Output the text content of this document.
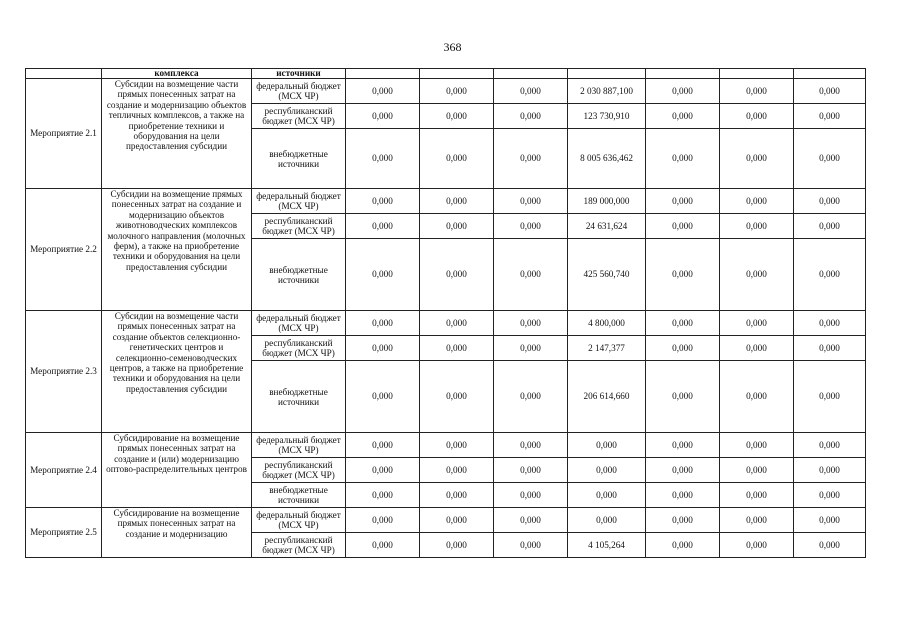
368
	комплекса	источники							
Мероприятие 2.1	Субсидии на возмещение части прямых понесенных затрат на создание и модернизацию объектов тепличных комплексов, а также на приобретение техники и оборудования на цели предоставления субсидии	федеральный бюджет (МСХ ЧР)	0,000	0,000	0,000	2 030 887,100	0,000	0,000	0,000
		республиканский бюджет (МСХ ЧР)	0,000	0,000	0,000	123 730,910	0,000	0,000	0,000
		внебюджетные источники	0,000	0,000	0,000	8 005 636,462	0,000	0,000	0,000
Мероприятие 2.2	Субсидии на возмещение прямых понесенных затрат на создание и модернизацию объектов животноводческих комплексов молочного направления (молочных ферм), а также на приобретение техники и оборудования на цели предоставления субсидии	федеральный бюджет (МСХ ЧР)	0,000	0,000	0,000	189 000,000	0,000	0,000	0,000
		республиканский бюджет (МСХ ЧР)	0,000	0,000	0,000	24 631,624	0,000	0,000	0,000
		внебюджетные источники	0,000	0,000	0,000	425 560,740	0,000	0,000	0,000
Мероприятие 2.3	Субсидии на возмещение части прямых понесенных затрат на создание объектов селекционно-генетических центров и селекционно-семеноводческих центров, а также на приобретение техники и оборудования на цели предоставления субсидии	федеральный бюджет (МСХ ЧР)	0,000	0,000	0,000	4 800,000	0,000	0,000	0,000
		республиканский бюджет (МСХ ЧР)	0,000	0,000	0,000	2 147,377	0,000	0,000	0,000
		внебюджетные источники	0,000	0,000	0,000	206 614,660	0,000	0,000	0,000
Мероприятие 2.4	Субсидирование на возмещение прямых понесенных затрат на создание и (или) модернизацию оптово-распределительных центров	федеральный бюджет (МСХ ЧР)	0,000	0,000	0,000	0,000	0,000	0,000	0,000
		республиканский бюджет (МСХ ЧР)	0,000	0,000	0,000	0,000	0,000	0,000	0,000
		внебюджетные источники	0,000	0,000	0,000	0,000	0,000	0,000	0,000
Мероприятие 2.5	Субсидирование на возмещение прямых понесенных затрат на создание и модернизацию	федеральный бюджет (МСХ ЧР)	0,000	0,000	0,000	0,000	0,000	0,000	0,000
		республиканский бюджет (МСХ ЧР)	0,000	0,000	0,000	4 105,264	0,000	0,000	0,000
